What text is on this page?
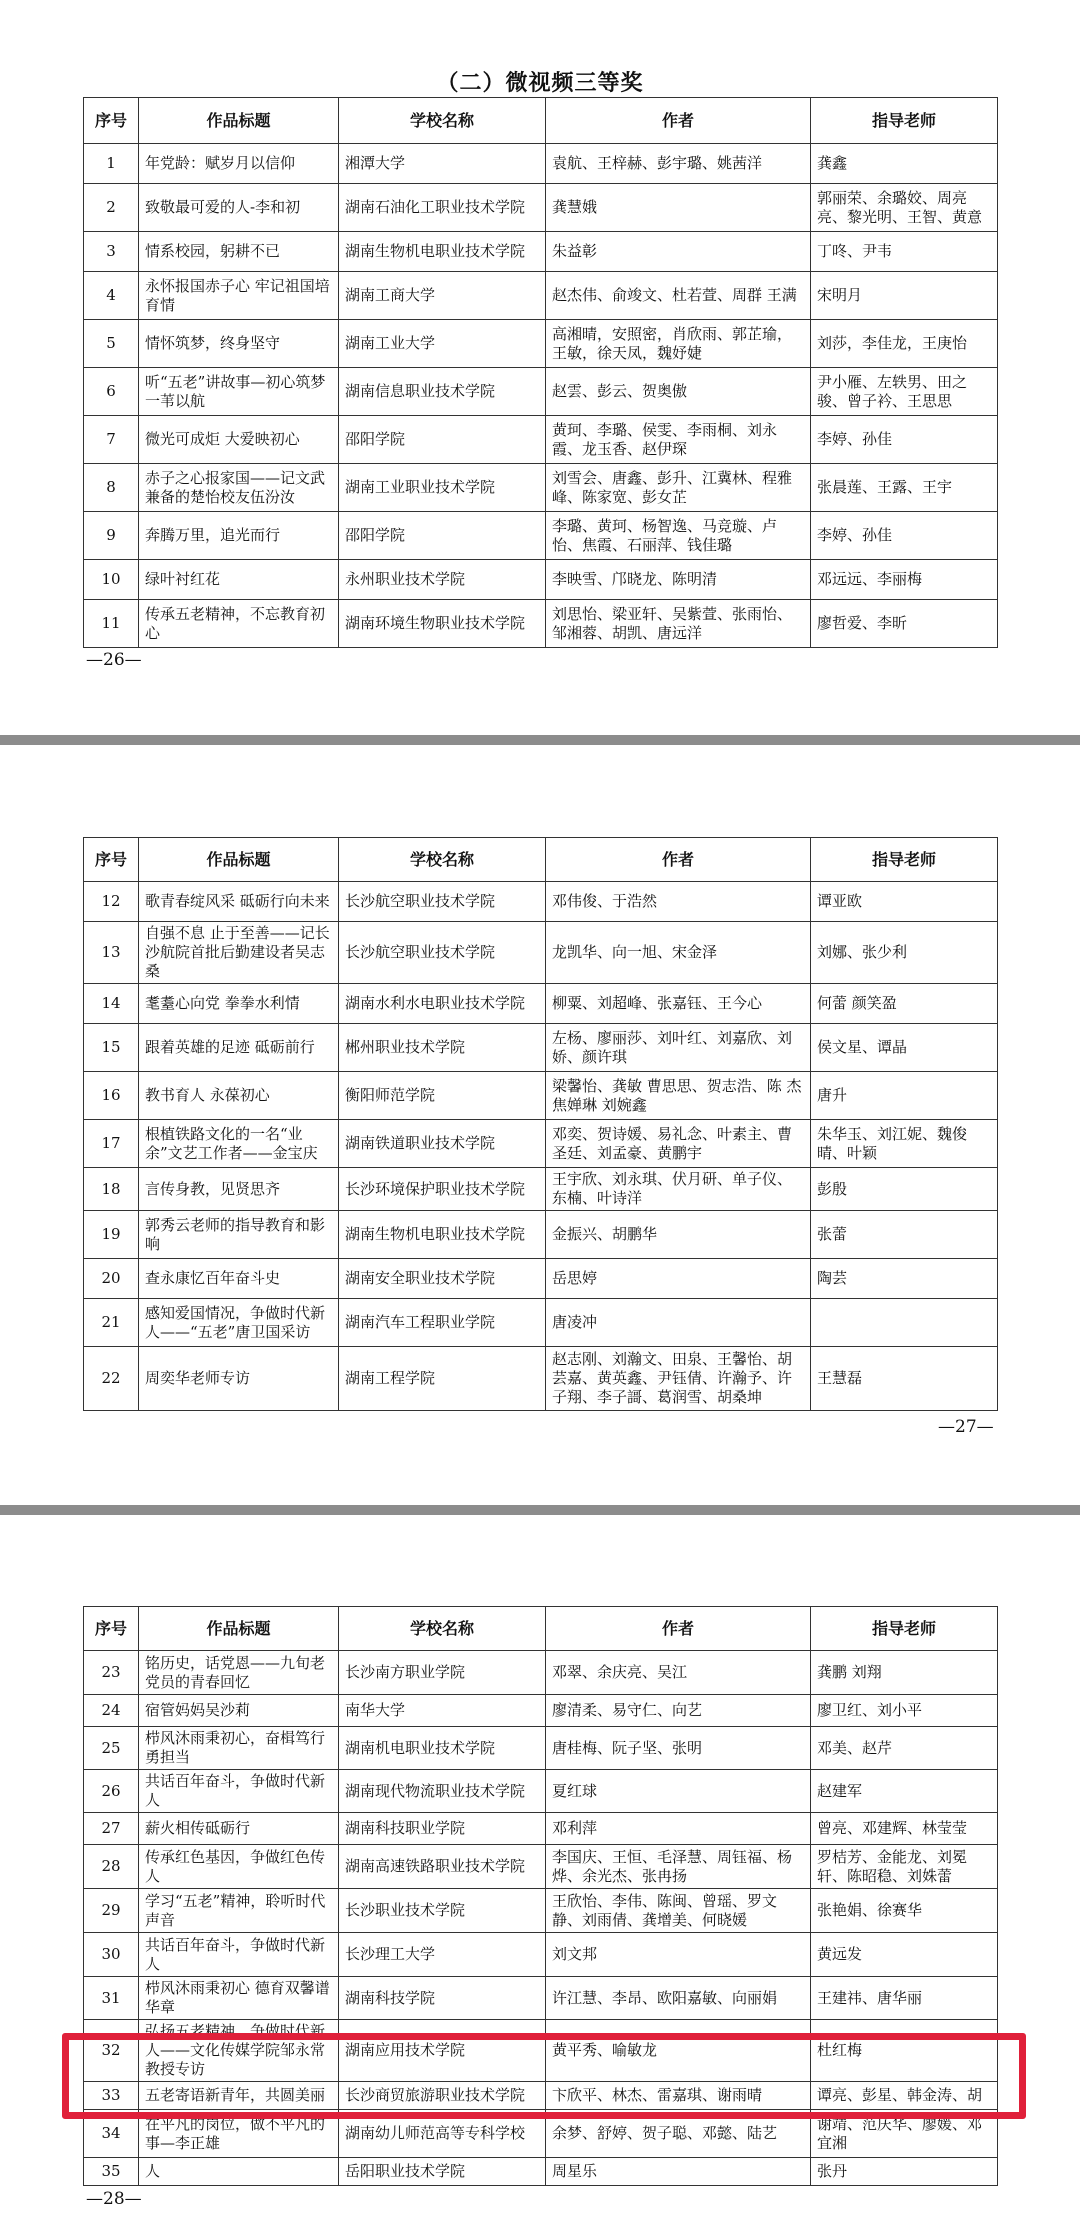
（二）微视频三等奖
序号	作品标题	学校名称	作者	指导老师
1	年党龄：赋岁月以信仰	湘潭大学	袁航、王梓赫、彭宇璐、姚茜洋	龚鑫
2	致敬最可爱的人-李和初	湖南石油化工职业技术学院	龚慧娥	郭丽荣、余璐姣、周亮亮、黎光明、王智、黄意
3	情系校园，躬耕不已	湖南生物机电职业技术学院	朱益彰	丁咚、尹韦
4	永怀报国赤子心 牢记祖国培育情	湖南工商大学	赵杰伟、俞竣文、杜若萱、周群 王满	宋明月
5	情怀筑梦，终身坚守	湖南工业大学	高湘晴，安照密，肖欣雨、郭芷瑜，王敏，徐天凤，魏妤婕	刘莎，李佳龙，王庚怡
6	听“五老”讲故事—初心筑梦一苇以航	湖南信息职业技术学院	赵雲、彭云、贺奥傲	尹小雁、左轶男、田之骏、曾子衿、王思思
7	微光可成炬 大爱映初心	邵阳学院	黄珂、李璐、侯雯、李雨桐、刘永霞、龙玉香、赵伊琛	李婷、孙佳
8	赤子之心报家国——记文武兼备的楚怡校友伍汾汝	湖南工业职业技术学院	刘雪会、唐鑫、彭升、江冀林、程雅峰、陈家宽、彭女芷	张晨莲、王露、王宇
9	奔腾万里，追光而行	邵阳学院	李璐、黄珂、杨智逸、马竞璇、卢怡、焦霞、石丽萍、钱佳璐	李婷、孙佳
10	绿叶衬红花	永州职业技术学院	李映雪、邝晓龙、陈明清	邓远远、李丽梅
11	传承五老精神，不忘教育初心	湖南环境生物职业技术学院	刘思怡、梁亚轩、吴紫萱、张雨怡、邹湘蓉、胡凯、唐远洋	廖哲爱、李昕
—26—
序号	作品标题	学校名称	作者	指导老师
12	歌青春绽风采 砥砺行向未来	长沙航空职业技术学院	邓伟俊、于浩然	谭亚欧
13	自强不息 止于至善——记长沙航院首批后勤建设者吴志桑	长沙航空职业技术学院	龙凯华、向一旭、宋金泽	刘娜、张少利
14	耄耋心向党 拳拳水利情	湖南水利水电职业技术学院	柳粟、刘超峰、张嘉钰、王今心	何蕾 颜笑盈
15	跟着英雄的足迹 砥砺前行	郴州职业技术学院	左杨、廖丽莎、刘叶红、刘嘉欣、刘娇、颜许琪	侯文星、谭晶
16	教书育人 永葆初心	衡阳师范学院	梁馨怡、龚敏 曹思思、贺志浩、陈 杰 焦婵琳 刘婉鑫	唐升
17	根植铁路文化的一名“业余”文艺工作者——金宝庆	湖南铁道职业技术学院	邓奕、贺诗媛、易礼念、叶素主、曹圣廷、刘孟豪、黄鹏宇	朱华玉、刘江妮、魏俊晴、叶颖
18	言传身教，见贤思齐	长沙环境保护职业技术学院	王宇欣、刘永琪、伏月研、单子仪、东楠、叶诗洋	彭殷
19	郭秀云老师的指导教育和影响	湖南生物机电职业技术学院	金振兴、胡鹏华	张蕾
20	查永康忆百年奋斗史	湖南安全职业技术学院	岳思婷	陶芸
21	感知爱国情况，争做时代新人——“五老”唐卫国采访	湖南汽车工程职业学院	唐凌冲	
22	周奕华老师专访	湖南工程学院	赵志刚、刘瀚文、田泉、王馨怡、胡芸嘉、黄英鑫、尹钰倩、许瀚予、许子翔、李子謌、葛润雪、胡桑坤	王慧磊
—27—
序号	作品标题	学校名称	作者	指导老师
23	铭历史，话党恩——九旬老党员的青春回忆	长沙南方职业学院	邓翠、余庆亮、吴江	龚鹏 刘翔
24	宿管妈妈吴沙莉	南华大学	廖清柔、易守仁、向艺	廖卫红、刘小平
25	栉风沐雨秉初心，奋楫笃行勇担当	湖南机电职业技术学院	唐桂梅、阮子坚、张明	邓美、赵芹
26	共话百年奋斗，争做时代新人	湖南现代物流职业技术学院	夏红球	赵建军
27	薪火相传砥砺行	湖南科技职业学院	邓利萍	曾亮、邓建辉、林莹莹
28	传承红色基因，争做红色传人	湖南高速铁路职业技术学院	李国庆、王恒、毛泽慧、周钰福、杨烨、余光杰、张冉扬	罗桔芳、金能龙、刘冕轩、陈昭稳、刘姝蕾
29	学习“五老”精神，聆听时代声音	长沙职业技术学院	王欣怡、李伟、陈闽、曾瑶、罗文静、刘雨倩、龚增美、何晓媛	张艳娟、徐赛华
30	共话百年奋斗，争做时代新人	长沙理工大学	刘文邦	黄远发
31	栉风沐雨秉初心 德育双馨谱华章	湖南科技学院	许江慧、李昂、欧阳嘉敏、向丽娟	王建祎、唐华丽
32	弘扬五老精神，争做时代新人——文化传媒学院邹永常教授专访	湖南应用技术学院	黄平秀、喻敏龙	杜红梅
33	五老寄语新青年，共圆美丽	长沙商贸旅游职业技术学院	卞欣平、林杰、雷嘉琪、谢雨晴	谭亮、彭星、韩金涛、胡
34	在平凡的岗位，做不平凡的事—李正雄	湖南幼儿师范高等专科学校	余梦、舒婷、贺子聪、邓懿、陆艺	谢靖、范庆华、廖媛、邓宜湘
35	人	岳阳职业技术学院	周星乐	张丹
—28—
